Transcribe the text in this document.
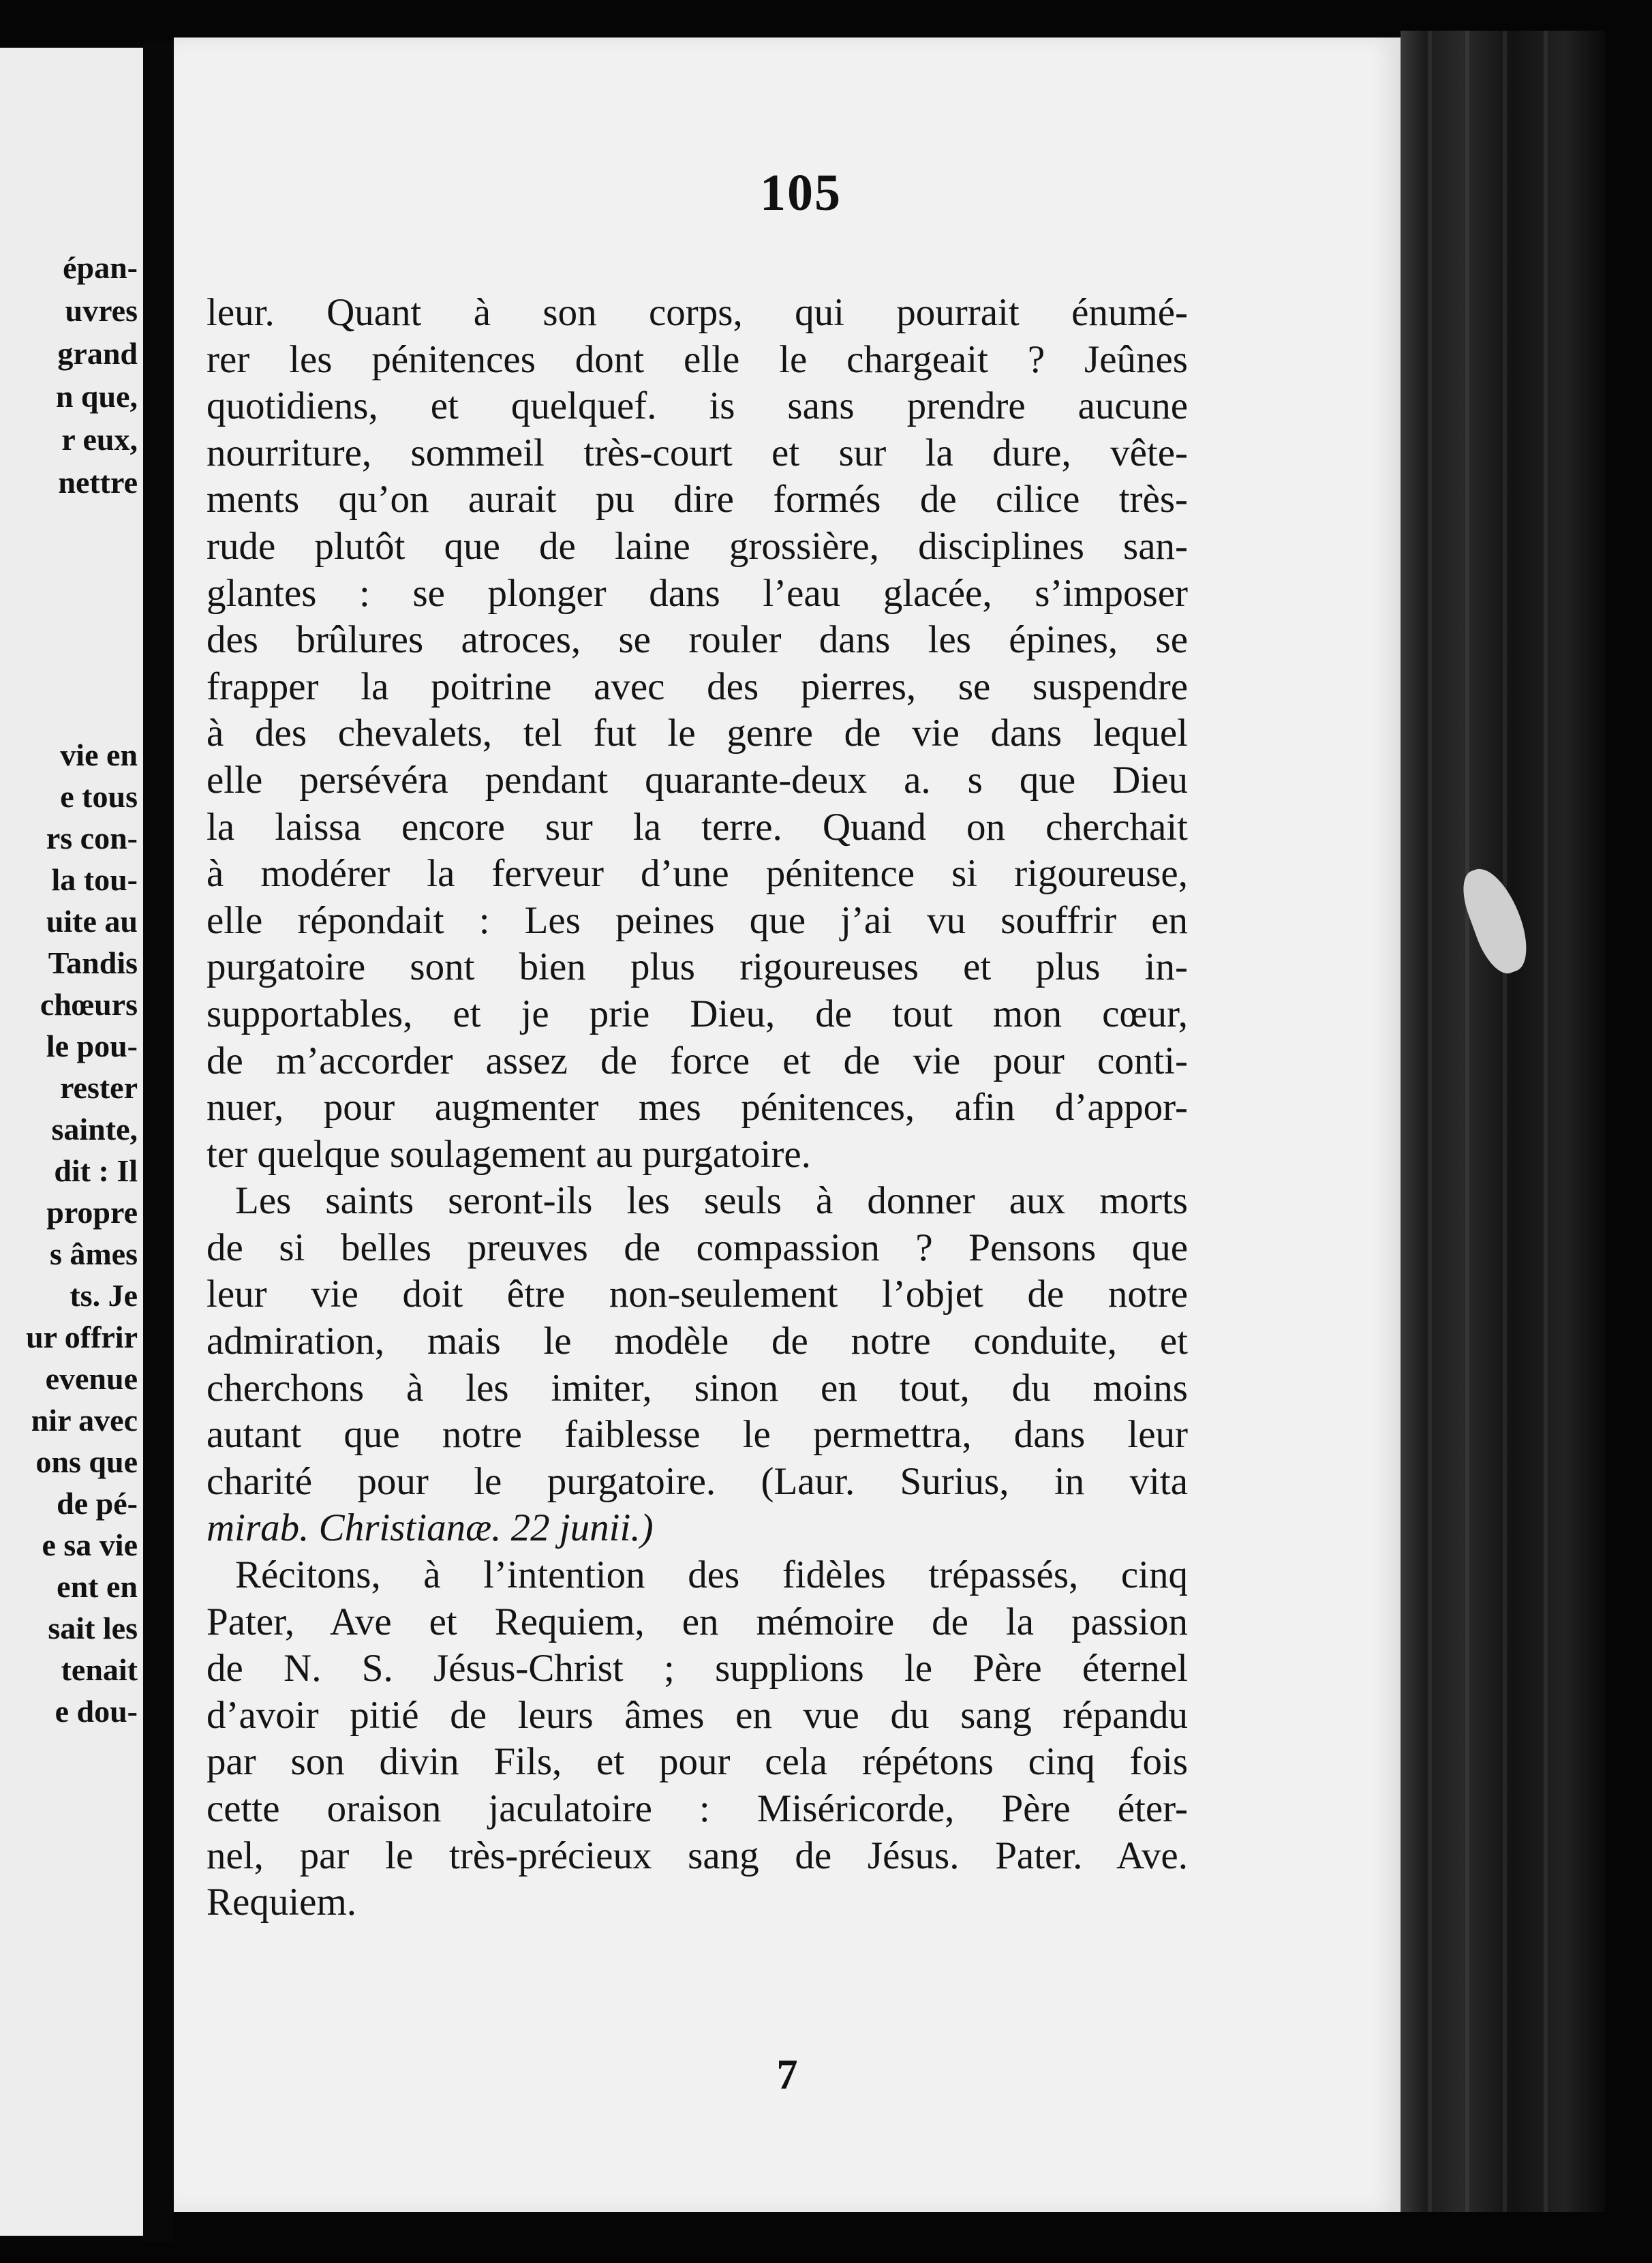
épan-
uvres
grand
n que,
r eux,
nettre
vie en
e tous
rs con-
la tou-
uite au
Tandis
chœurs
le pou-
rester
sainte,
dit : Il
propre
s âmes
ts. Je
ur offrir
evenue
nir avec
ons que
de pé-
e sa vie
ent en
sait les
tenait
e dou-
105
leur. Quant à son corps, qui pourrait énumé-
rer les pénitences dont elle le chargeait ? Jeûnes
quotidiens, et quelquef. is sans prendre aucune
nourriture, sommeil très-court et sur la dure, vête-
ments qu’on aurait pu dire formés de cilice très-
rude plutôt que de laine grossière, disciplines san-
glantes : se plonger dans l’eau glacée, s’imposer
des brûlures atroces, se rouler dans les épines, se
frapper la poitrine avec des pierres, se suspendre
à des chevalets, tel fut le genre de vie dans lequel
elle persévéra pendant quarante-deux a. s que Dieu
la laissa encore sur la terre. Quand on cherchait
à modérer la ferveur d’une pénitence si rigoureuse,
elle répondait : Les peines que j’ai vu souffrir en
purgatoire sont bien plus rigoureuses et plus in-
supportables, et je prie Dieu, de tout mon cœur,
de m’accorder assez de force et de vie pour conti-
nuer, pour augmenter mes pénitences, afin d’appor-
ter quelque soulagement au purgatoire.
Les saints seront-ils les seuls à donner aux morts
de si belles preuves de compassion ? Pensons que
leur vie doit être non-seulement l’objet de notre
admiration, mais le modèle de notre conduite, et
cherchons à les imiter, sinon en tout, du moins
autant que notre faiblesse le permettra, dans leur
charité pour le purgatoire. (Laur. Surius, in vita
mirab. Christianæ. 22 junii.)
Récitons, à l’intention des fidèles trépassés, cinq
Pater, Ave et Requiem, en mémoire de la passion
de N. S. Jésus-Christ ; supplions le Père éternel
d’avoir pitié de leurs âmes en vue du sang répandu
par son divin Fils, et pour cela répétons cinq fois
cette oraison jaculatoire : Miséricorde, Père éter-
nel, par le très-précieux sang de Jésus. Pater. Ave.
Requiem.
7
